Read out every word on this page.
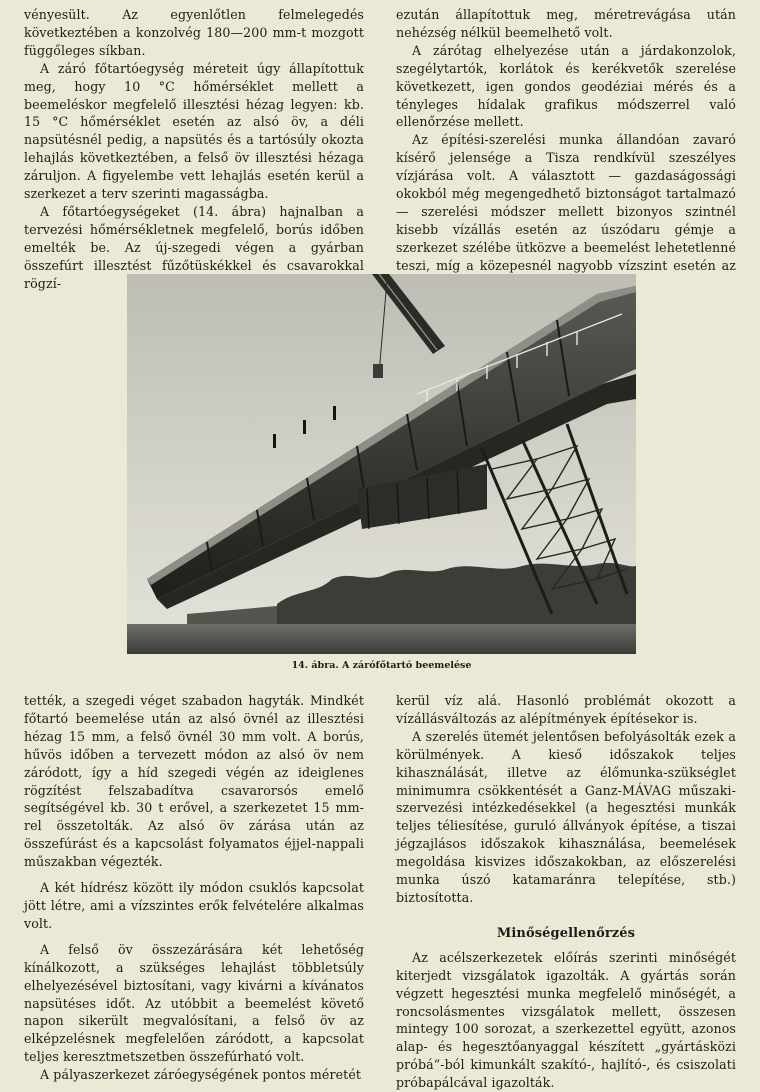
vényesült. Az egyenlőtlen felmelegedés következtében a konzolvég 180—200 mm-t mozgott függőleges síkban.

A záró főtartóegység méreteit úgy állapítottuk meg, hogy 10 °C hőmérséklet mellett a beemeléskor megfelelő illesztési hézag legyen: kb. 15 °C hőmérséklet esetén az alsó öv, a déli napsütésnél pedig, a napsütés és a tartósúly okozta lehajlás következtében, a felső öv illesztési hézaga záruljon. A figyelembe vett lehajlás esetén kerül a szerkezet a terv szerinti magasságba.

A főtartóegységeket (14. ábra) hajnalban a tervezési hőmérsékletnek megfelelő, borús időben emelték be. Az új-szegedi végen a gyárban összefúrt illesztést fűzőtüskékkel és csavarokkal rögzí-

ezután állapítottuk meg, méretrevágása után nehézség nélkül beemelhető volt.

A zárótag elhelyezése után a járdakonzolok, szegélytartók, korlátok és kerékvetők szerelése következett, igen gondos geodéziai mérés és a tényleges hídalak grafikus módszerrel való ellenőrzése mellett.

Az építési-szerelési munka állandóan zavaró kísérő jelensége a Tisza rendkívül szeszélyes vízjárása volt. A választott — gazdaságossági okokból még megengedhető biztonságot tartalmazó — szerelési módszer mellett bizonyos szintnél kisebb vízállás esetén az úszódaru gémje a szerkezet szélébe ütközve a beemelést lehetetlenné teszi, míg a közepesnél nagyobb vízszint esetén az

14. ábra. A zárófőtartó beemelése

tették, a szegedi véget szabadon hagyták. Mindkét főtartó beemelése után az alsó övnél az illesztési hézag 15 mm, a felső övnél 30 mm volt. A borús, hűvös időben a tervezett módon az alsó öv nem záródott, így a híd szegedi végén az ideiglenes rögzítést felszabadítva csavarorsós emelő segítségével kb. 30 t erővel, a szerkezetet 15 mm-rel összetolták. Az alsó öv zárása után az összefúrást és a kapcsolást folyamatos éjjel-nappali műszakban végezték.

A két hídrész között ily módon csuklós kapcsolat jött létre, ami a vízszintes erők felvételére alkalmas volt.

A felső öv összezárására két lehetőség kínálkozott, a szükséges lehajlást többletsúly elhelyezésével biztosítani, vagy kivárni a kívánatos napsütéses időt. Az utóbbit a beemelést követő napon sikerült megvalósítani, a felső öv az elképzelésnek megfelelően záródott, a kapcsolat teljes keresztmetszetben összefúrható volt.

A pályaszerkezet záróegységének pontos méretét

kerül víz alá. Hasonló problémát okozott a vízállásváltozás az alépítmények építésekor is.

A szerelés ütemét jelentősen befolyásolták ezek a körülmények. A kieső időszakok teljes kihasználását, illetve az élőmunka-szükséglet minimumra csökkentését a Ganz-MÁVAG műszaki-szervezési intézkedésekkel (a hegesztési munkák teljes téliesítése, guruló állványok építése, a tiszai jégzajlásos időszakok kihasználása, beemelések megoldása kisvizes időszakokban, az előszerelési munka úszó katamaránra telepítése, stb.) biztosította.

Minőségellenőrzés

Az acélszerkezetek előírás szerinti minőségét kiterjedt vizsgálatok igazolták. A gyártás során végzett hegesztési munka megfelelő minőségét, a roncsolásmentes vizsgálatok mellett, összesen mintegy 100 sorozat, a szerkezettel együtt, azonos alap- és hegesztőanyaggal készített „gyártásközi próbá”-ból kimunkált szakító-, hajlító-, és csiszolati próbapálcával igazolták.
